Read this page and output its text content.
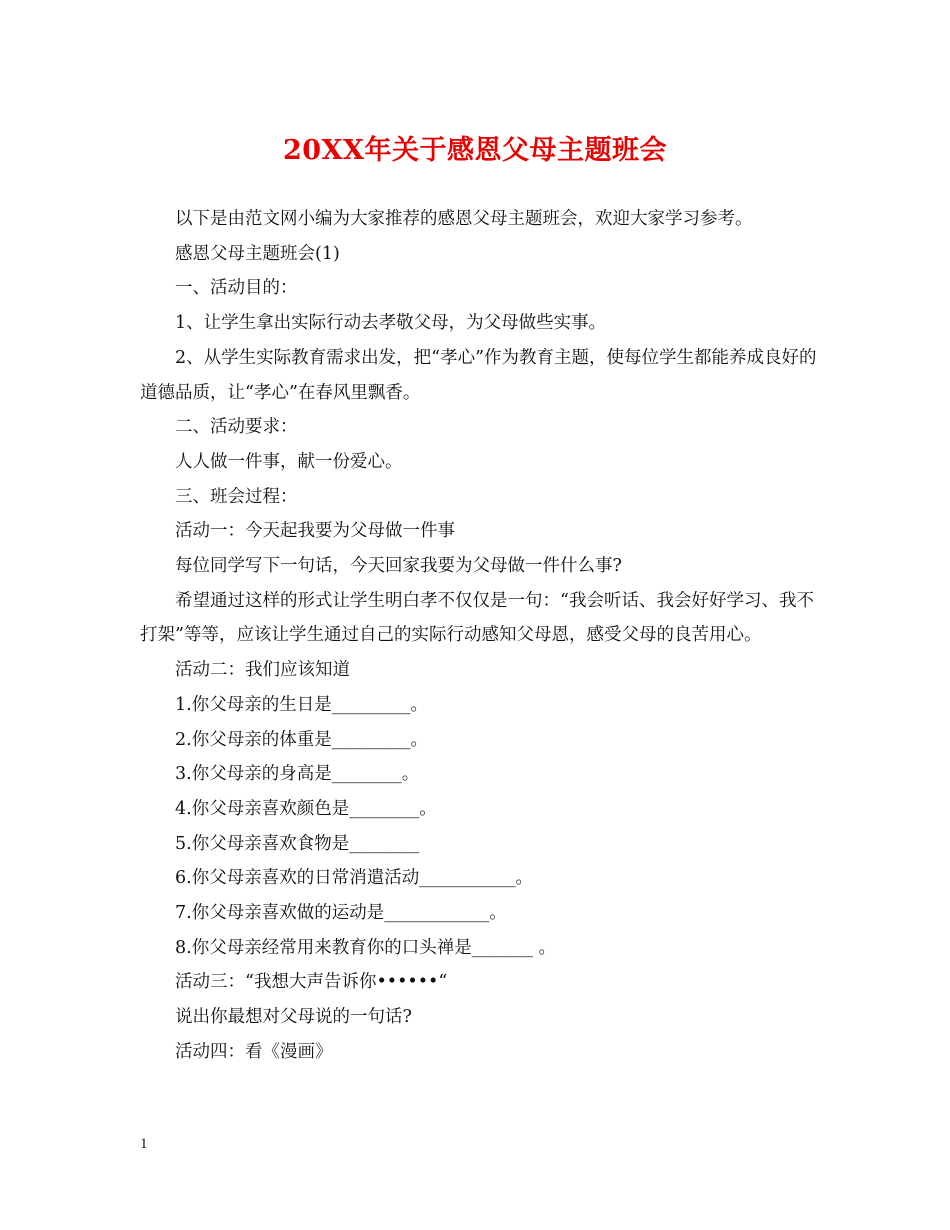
20XX年关于感恩父母主题班会

以下是由范文网小编为大家推荐的感恩父母主题班会，欢迎大家学习参考。

感恩父母主题班会(1)

一、活动目的：

1、让学生拿出实际行动去孝敬父母，为父母做些实事。

2、从学生实际教育需求出发，把“孝心”作为教育主题，使每位学生都能养成良好的道德品质，让“孝心”在春风里飘香。

二、活动要求：

人人做一件事，献一份爱心。

三、班会过程：

活动一：今天起我要为父母做一件事

每位同学写下一句话，今天回家我要为父母做一件什么事?

希望通过这样的形式让学生明白孝不仅仅是一句：“我会听话、我会好好学习、我不打架”等等，应该让学生通过自己的实际行动感知父母恩，感受父母的良苦用心。

活动二：我们应该知道

1.你父母亲的生日是_________。

2.你父母亲的体重是_________。

3.你父母亲的身高是________。

4.你父母亲喜欢颜色是________。

5.你父母亲喜欢食物是________

6.你父母亲喜欢的日常消遣活动___________。

7.你父母亲喜欢做的运动是____________。

8.你父母亲经常用来教育你的口头禅是_______ 。

活动三：“我想大声告诉你••••••“

说出你最想对父母说的一句话?

活动四：看《漫画》

1
